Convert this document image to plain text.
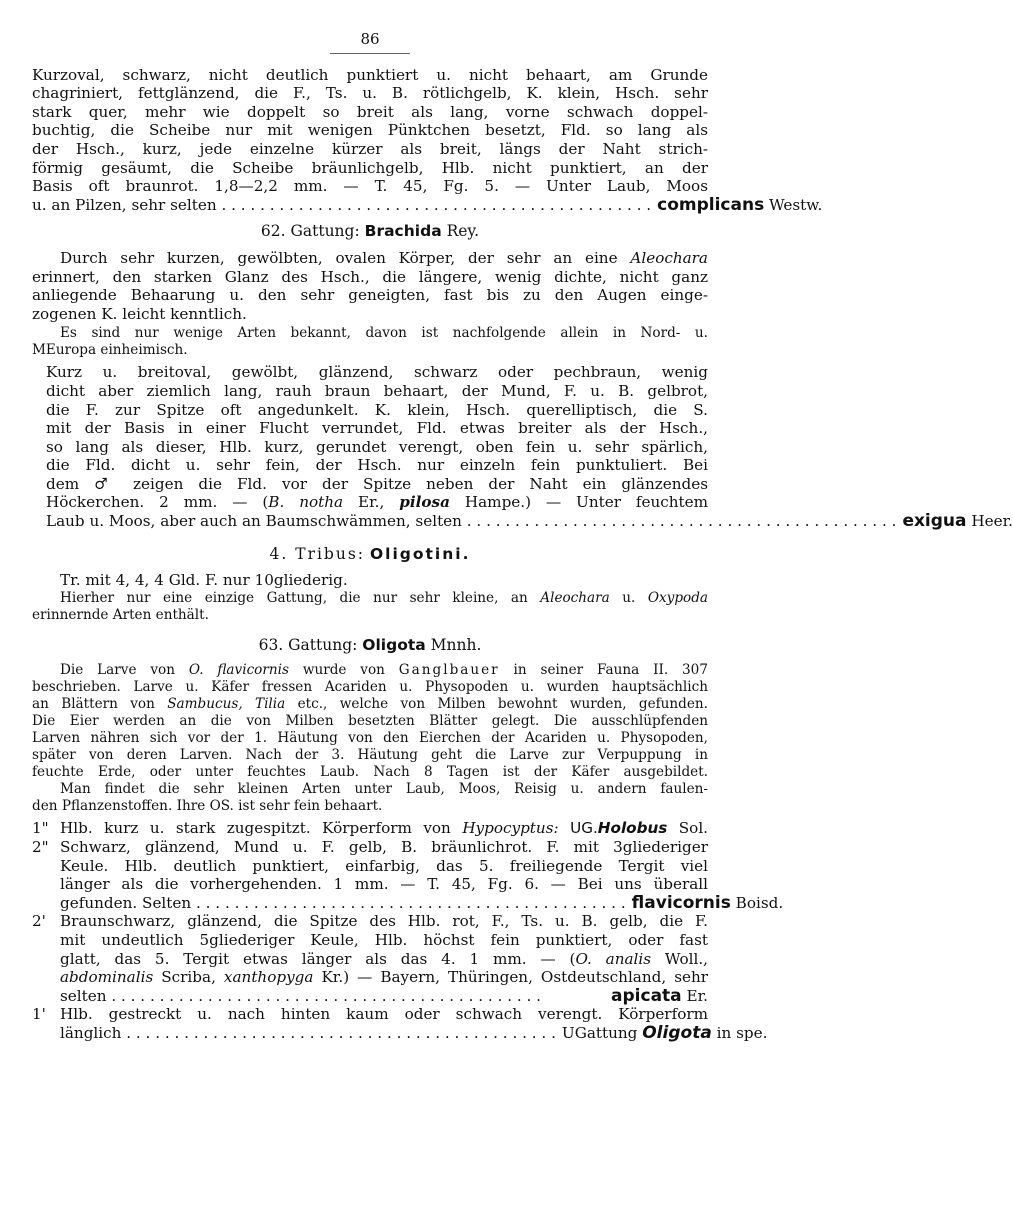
86
Kurzoval, schwarz, nicht deutlich punktiert u. nicht behaart, am Grunde
chagriniert, fettglänzend, die F., Ts. u. B. rötlichgelb, K. klein, Hsch. sehr
stark quer, mehr wie doppelt so breit als lang, vorne schwach doppel-
buchtig, die Scheibe nur mit wenigen Pünktchen besetzt, Fld. so lang als
der Hsch., kurz, jede einzelne kürzer als breit, längs der Naht strich-
förmig gesäumt, die Scheibe bräunlichgelb, Hlb. nicht punktiert, an der
Basis oft braunrot. 1,8—2,2 mm. — T. 45, Fg. 5. — Unter Laub, Moos
u. an Pilzen, sehr selten . . .	complicans Westw.
62. Gattung: Brachida Rey.
Durch sehr kurzen, gewölbten, ovalen Körper, der sehr an eine Aleochara
erinnert, den starken Glanz des Hsch., die längere, wenig dichte, nicht ganz
anliegende Behaarung u. den sehr geneigten, fast bis zu den Augen einge-
zogenen K. leicht kenntlich.
Es sind nur wenige Arten bekannt, davon ist nachfolgende allein in Nord- u.
MEuropa einheimisch.
Kurz u. breitoval, gewölbt, glänzend, schwarz oder pechbraun, wenig
dicht aber ziemlich lang, rauh braun behaart, der Mund, F. u. B. gelbrot,
die F. zur Spitze oft angedunkelt. K. klein, Hsch. querelliptisch, die S.
mit der Basis in einer Flucht verrundet, Fld. etwas breiter als der Hsch.,
so lang als dieser, Hlb. kurz, gerundet verengt, oben fein u. sehr spärlich,
die Fld. dicht u. sehr fein, der Hsch. nur einzeln fein punktuliert. Bei
dem ♂ zeigen die Fld. vor der Spitze neben der Naht ein glänzendes
Höckerchen. 2 mm. — (B. notha Er., pilosa Hampe.) — Unter feuchtem
Laub u. Moos, aber auch an Baumschwämmen, selten . . .	exigua Heer.
4. Tribus: Oligotini.
Tr. mit 4, 4, 4 Gld. F. nur 10gliederig.
Hierher nur eine einzige Gattung, die nur sehr kleine, an Aleochara u. Oxypoda
erinnernde Arten enthält.
63. Gattung: Oligota Mnnh.
Die Larve von O. flavicornis wurde von Ganglbauer in seiner Fauna II. 307
beschrieben. Larve u. Käfer fressen Acariden u. Physopoden u. wurden hauptsächlich
an Blättern von Sambucus, Tilia etc., welche von Milben bewohnt wurden, gefunden.
Die Eier werden an die von Milben besetzten Blätter gelegt. Die ausschlüpfenden
Larven nähren sich vor der 1. Häutung von den Eierchen der Acariden u. Physopoden,
später von deren Larven. Nach der 3. Häutung geht die Larve zur Verpuppung in
feuchte Erde, oder unter feuchtes Laub. Nach 8 Tagen ist der Käfer ausgebildet.
Man findet die sehr kleinen Arten unter Laub, Moos, Reisig u. andern faulen-
den Pflanzenstoffen. Ihre OS. ist sehr fein behaart.
1" Hlb. kurz u. stark zugespitzt. Körperform von Hypocyptus: UG.Holobus Sol.
2" Schwarz, glänzend, Mund u. F. gelb, B. bräunlichrot. F. mit 3gliederiger
Keule. Hlb. deutlich punktiert, einfarbig, das 5. freiliegende Tergit viel
länger als die vorhergehenden. 1 mm. — T. 45, Fg. 6. — Bei uns überall
gefunden. Selten . . .	flavicornis Boisd.
2' Braunschwarz, glänzend, die Spitze des Hlb. rot, F., Ts. u. B. gelb, die F.
mit undeutlich 5gliederiger Keule, Hlb. höchst fein punktiert, oder fast
glatt, das 5. Tergit etwas länger als das 4. 1 mm. — (O. analis Woll.,
abdominalis Scriba, xanthopyga Kr.) — Bayern, Thüringen, Ostdeutschland, sehr
selten . . .	apicata Er.
1' Hlb. gestreckt u. nach hinten kaum oder schwach verengt. Körperform
länglich . . .	UGattung Oligota in spe.
